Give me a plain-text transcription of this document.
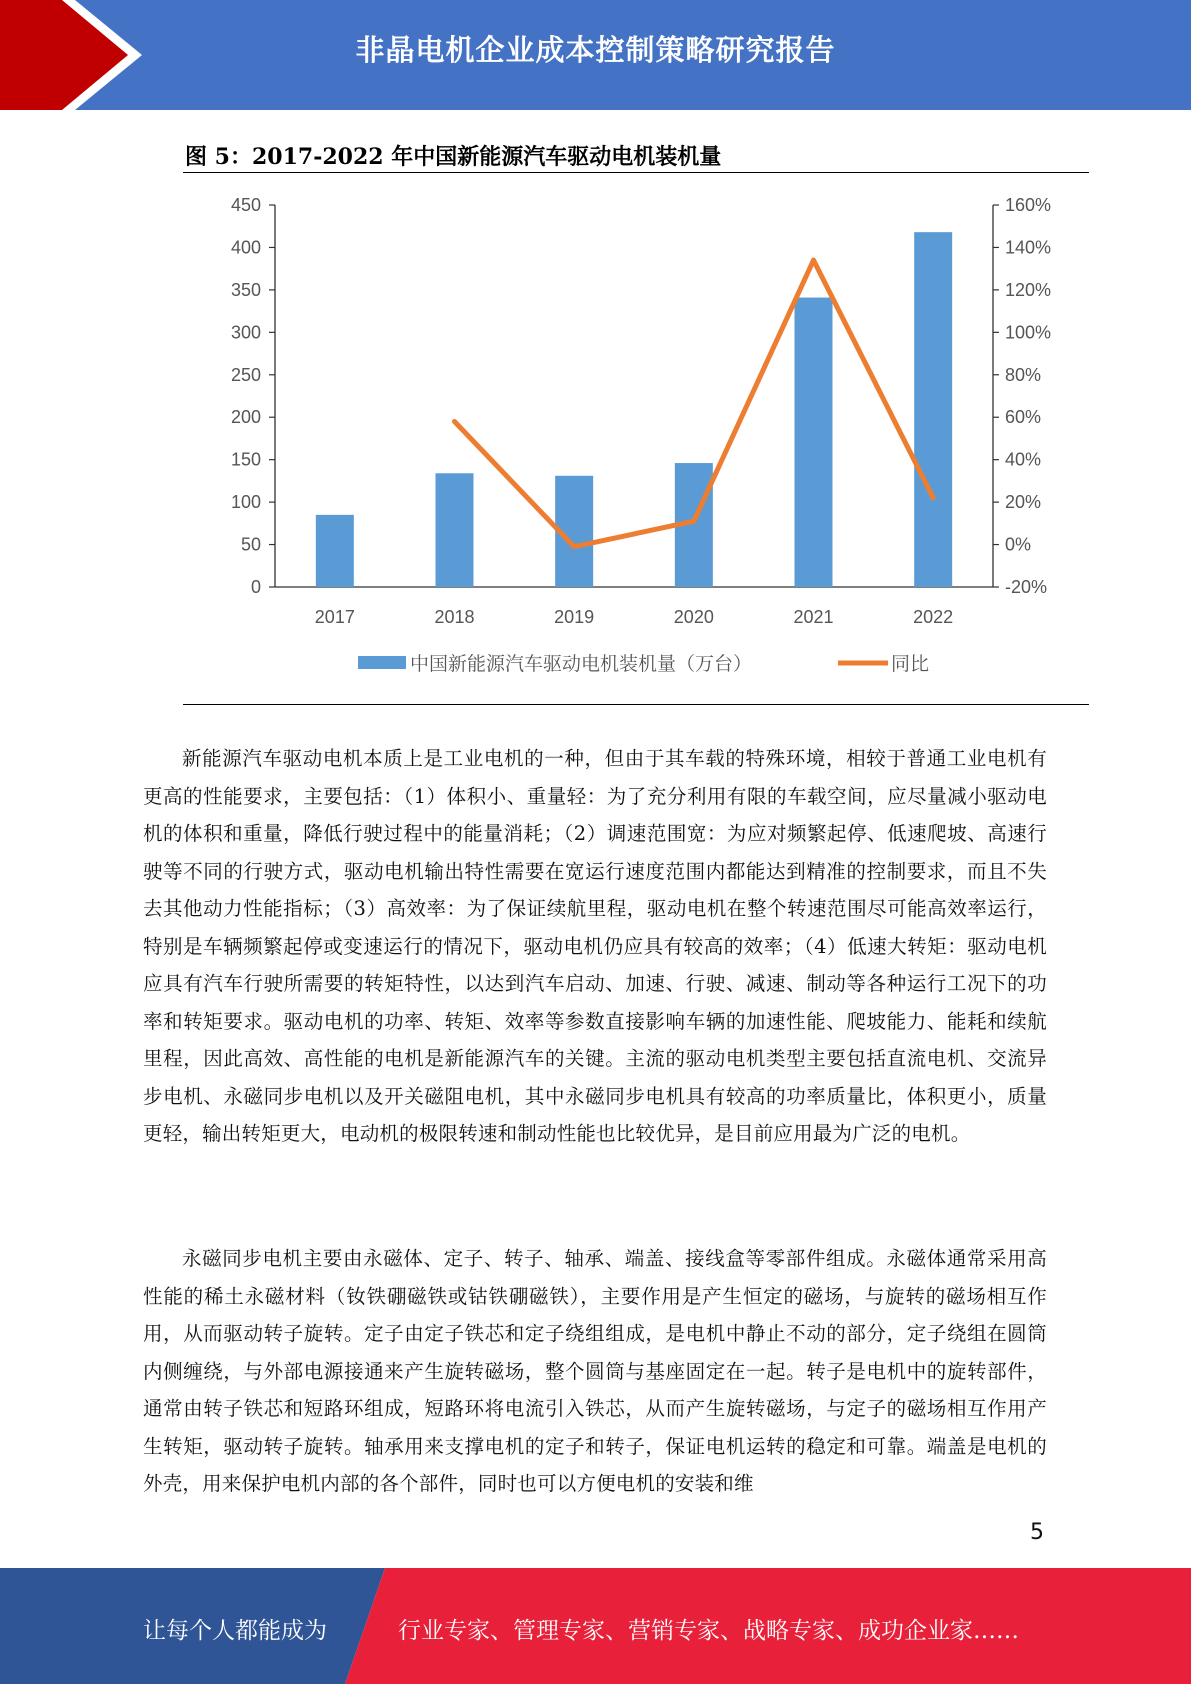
非晶电机企业成本控制策略研究报告
图 5：2017-2022 年中国新能源汽车驱动电机装机量
0
50
100
150
200
250
300
350
400
450
-20%
0%
20%
40%
60%
80%
100%
120%
140%
160%
2017	2018	2019	2020	2021	2022
中国新能源汽车驱动电机装机量（万台）	同比

新能源汽车驱动电机本质上是工业电机的一种，但由于其车载的特殊环境，相较于普通工业电机有更高的性能要求，主要包括：（1）体积小、重量轻：为了充分利用有限的车载空间，应尽量减小驱动电机的体积和重量，降低行驶过程中的能量消耗；（2）调速范围宽：为应对频繁起停、低速爬坡、高速行驶等不同的行驶方式，驱动电机输出特性需要在宽运行速度范围内都能达到精准的控制要求，而且不失去其他动力性能指标；（3）高效率：为了保证续航里程，驱动电机在整个转速范围尽可能高效率运行，特别是车辆频繁起停或变速运行的情况下，驱动电机仍应具有较高的效率；（4）低速大转矩：驱动电机应具有汽车行驶所需要的转矩特性，以达到汽车启动、加速、行驶、减速、制动等各种运行工况下的功率和转矩要求。驱动电机的功率、转矩、效率等参数直接影响车辆的加速性能、爬坡能力、能耗和续航里程，因此高效、高性能的电机是新能源汽车的关键。主流的驱动电机类型主要包括直流电机、交流异步电机、永磁同步电机以及开关磁阻电机，其中永磁同步电机具有较高的功率质量比，体积更小，质量更轻，输出转矩更大，电动机的极限转速和制动性能也比较优异，是目前应用最为广泛的电机。

永磁同步电机主要由永磁体、定子、转子、轴承、端盖、接线盒等零部件组成。永磁体通常采用高性能的稀土永磁材料（钕铁硼磁铁或钴铁硼磁铁），主要作用是产生恒定的磁场，与旋转的磁场相互作用，从而驱动转子旋转。定子由定子铁芯和定子绕组组成，是电机中静止不动的部分，定子绕组在圆筒内侧缠绕，与外部电源接通来产生旋转磁场，整个圆筒与基座固定在一起。转子是电机中的旋转部件，通常由转子铁芯和短路环组成，短路环将电流引入铁芯，从而产生旋转磁场，与定子的磁场相互作用产生转矩，驱动转子旋转。轴承用来支撑电机的定子和转子，保证电机运转的稳定和可靠。端盖是电机的外壳，用来保护电机内部的各个部件，同时也可以方便电机的安装和维

5
让每个人都能成为	行业专家、管理专家、营销专家、战略专家、成功企业家……
